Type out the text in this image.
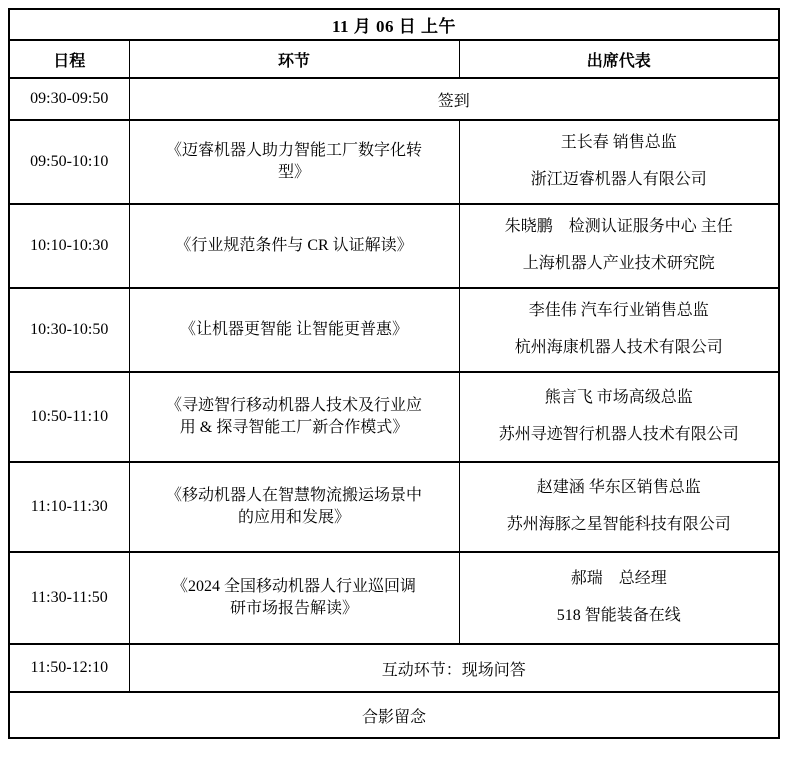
11 月 06 日 上午		
日程	环节	出席代表
09:30-09:50	签到	
09:50-10:10	《迈睿机器人助力智能工厂数字化转型》	王长春 销售总监
浙江迈睿机器人有限公司

10:10-10:30	《行业规范条件与 CR 认证解读》	朱晓鹏　检测认证服务中心 主任
上海机器人产业技术研究院

10:30-10:50	《让机器更智能 让智能更普惠》	李佳伟 汽车行业销售总监
杭州海康机器人技术有限公司

10:50-11:10	《寻迹智行移动机器人技术及行业应用 & 探寻智能工厂新合作模式》	熊言飞 市场高级总监
苏州寻迹智行机器人技术有限公司

11:10-11:30	《移动机器人在智慧物流搬运场景中的应用和发展》	赵建涵 华东区销售总监
苏州海豚之星智能科技有限公司

11:30-11:50	《2024 全国移动机器人行业巡回调研市场报告解读》	郝瑞　总经理
518 智能装备在线

11:50-12:10	互动环节：现场问答	
合影留念		
